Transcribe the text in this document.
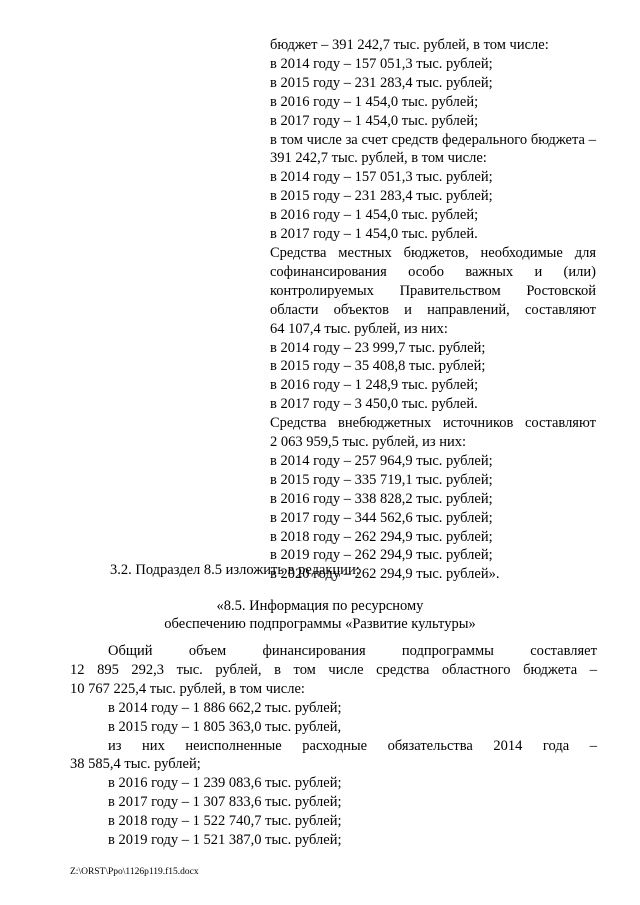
бюджет – 391 242,7 тыс. рублей, в том числе:
в 2014 году – 157 051,3 тыс. рублей;
в 2015 году – 231 283,4 тыс. рублей;
в 2016 году – 1 454,0 тыс. рублей;
в 2017 году – 1 454,0 тыс. рублей;
в том числе за счет средств федерального бюджета –
391 242,7 тыс. рублей, в том числе:
в 2014 году – 157 051,3 тыс. рублей;
в 2015 году – 231 283,4 тыс. рублей;
в 2016 году – 1 454,0 тыс. рублей;
в 2017 году – 1 454,0 тыс. рублей.
Средства местных бюджетов, необходимые для
софинансирования особо важных и (или)
контролируемых Правительством Ростовской
области объектов и направлений, составляют
64 107,4 тыс. рублей, из них:
в 2014 году – 23 999,7 тыс. рублей;
в 2015 году – 35 408,8 тыс. рублей;
в 2016 году – 1 248,9 тыс. рублей;
в 2017 году – 3 450,0 тыс. рублей.
Средства внебюджетных источников составляют
2 063 959,5 тыс. рублей, из них:
в 2014 году – 257 964,9 тыс. рублей;
в 2015 году – 335 719,1 тыс. рублей;
в 2016 году – 338 828,2 тыс. рублей;
в 2017 году – 344 562,6 тыс. рублей;
в 2018 году – 262 294,9 тыс. рублей;
в 2019 году – 262 294,9 тыс. рублей;
в 2020 году – 262 294,9 тыс. рублей».
3.2. Подраздел 8.5 изложить в редакции:
«8.5. Информация по ресурсному
обеспечению подпрограммы «Развитие культуры»
Общий	объем	финансирования	подпрограммы	составляет
12 895 292,3 тыс. рублей, в том числе средства областного бюджета –
10 767 225,4 тыс. рублей, в том числе:
в 2014 году – 1 886 662,2 тыс. рублей;
в 2015 году – 1 805 363,0 тыс. рублей,
из них неисполненные расходные обязательства 2014 года –
38 585,4 тыс. рублей;
в 2016 году – 1 239 083,6 тыс. рублей;
в 2017 году – 1 307 833,6 тыс. рублей;
в 2018 году – 1 522 740,7 тыс. рублей;
в 2019 году – 1 521 387,0 тыс. рублей;
Z:\ORST\Ppo\1126p119.f15.docx
